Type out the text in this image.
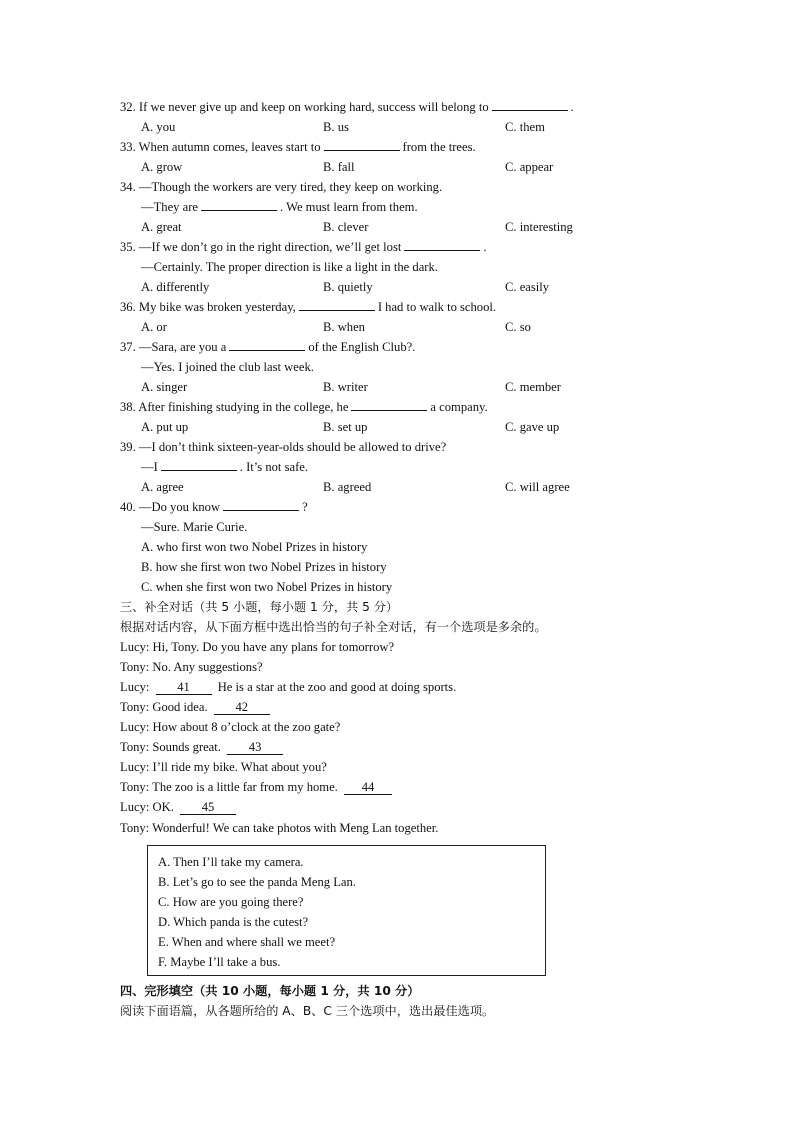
32. If we never give up and keep on working hard, success will belong to	.
A. you	B. us	C. them
33. When autumn comes, leaves start to	from the trees.
A. grow	B. fall	C. appear
34. —Though the workers are very tired, they keep on working.
—They are	. We must learn from them.
A. great	B. clever	C. interesting
35. —If we don’t go in the right direction, we’ll get lost	.
—Certainly. The proper direction is like a light in the dark.
A. differently	B. quietly	C. easily
36. My bike was broken yesterday,	I had to walk to school.
A. or	B. when	C. so
37. —Sara, are you a	of the English Club?.
—Yes. I joined the club last week.
A. singer	B. writer	C. member
38. After finishing studying in the college, he	a company.
A. put up	B. set up	C. gave up
39. —I don’t think sixteen-year-olds should be allowed to drive?
—I	. It’s not safe.
A. agree	B. agreed	C. will agree
40. —Do you know	?
—Sure. Marie Curie.
A. who first won two Nobel Prizes in history
B. how she first won two Nobel Prizes in history
C. when she first won two Nobel Prizes in history
三、补全对话（共 5 小题，每小题 1 分，共 5 分）
根据对话内容，从下面方框中选出恰当的句子补全对话，有一个选项是多余的。
Lucy: Hi, Tony. Do you have any plans for tomorrow?
Tony: No. Any suggestions?
Lucy: 41 He is a star at the zoo and good at doing sports.
Tony: Good idea. 42
Lucy: How about 8 o’clock at the zoo gate?
Tony: Sounds great. 43
Lucy: I’ll ride my bike. What about you?
Tony: The zoo is a little far from my home. 44
Lucy: OK. 45
Tony: Wonderful! We can take photos with Meng Lan together.
A. Then I’ll take my camera.
B. Let’s go to see the panda Meng Lan.
C. How are you going there?
D. Which panda is the cutest?
E. When and where shall we meet?
F. Maybe I’ll take a bus.
四、完形填空（共 10 小题，每小题 1 分，共 10 分）
阅读下面语篇，从各题所给的 A、B、C 三个选项中，选出最佳选项。
